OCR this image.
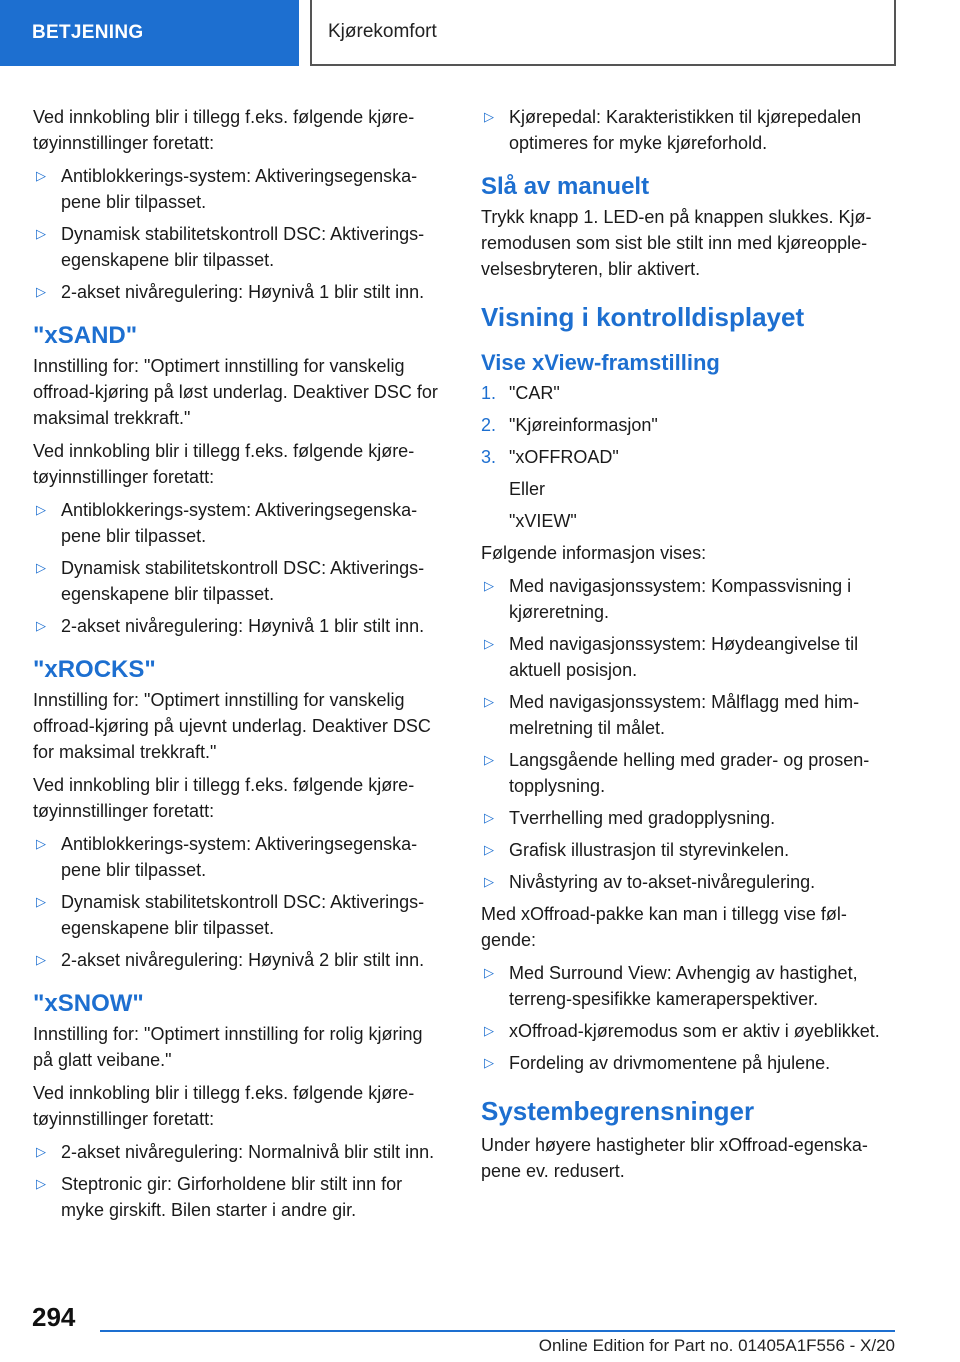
BETJENING	Kjørekomfort

Ved innkobling blir i tillegg f.eks. følgende kjøretøyinnstillinger foretatt:

▷ Antiblokkerings-system: Aktiveringsegenskapene blir tilpasset.
▷ Dynamisk stabilitetskontroll DSC: Aktiveringsegenskapene blir tilpasset.
▷ 2-akset nivåregulering: Høynivå 1 blir stilt inn.
"xSAND"

Innstilling for: "Optimert innstilling for vanskelig offroad-kjøring på løst underlag. Deaktiver DSC for maksimal trekkraft."

Ved innkobling blir i tillegg f.eks. følgende kjøretøyinnstillinger foretatt:

▷ Antiblokkerings-system: Aktiveringsegenskapene blir tilpasset.
▷ Dynamisk stabilitetskontroll DSC: Aktiveringsegenskapene blir tilpasset.
▷ 2-akset nivåregulering: Høynivå 1 blir stilt inn.
"xROCKS"

Innstilling for: "Optimert innstilling for vanskelig offroad-kjøring på ujevnt underlag. Deaktiver DSC for maksimal trekkraft."

Ved innkobling blir i tillegg f.eks. følgende kjøretøyinnstillinger foretatt:

▷ Antiblokkerings-system: Aktiveringsegenskapene blir tilpasset.
▷ Dynamisk stabilitetskontroll DSC: Aktiveringsegenskapene blir tilpasset.
▷ 2-akset nivåregulering: Høynivå 2 blir stilt inn.
"xSNOW"

Innstilling for: "Optimert innstilling for rolig kjøring på glatt veibane."

Ved innkobling blir i tillegg f.eks. følgende kjøretøyinnstillinger foretatt:

▷ 2-akset nivåregulering: Normalnivå blir stilt inn.
▷ Steptronic gir: Girforholdene blir stilt inn for myke girskift. Bilen starter i andre gir.
▷ Kjørepedal: Karakteristikken til kjørepedalen optimeres for myke kjøreforhold.
Slå av manuelt

Trykk knapp 1. LED-en på knappen slukkes. Kjøremodusen som sist ble stilt inn med kjøreopplevelsesbryteren, blir aktivert.

Visning i kontrolldisplayet
Vise xView-framstilling
1. "CAR"
2. "Kjøreinformasjon"
3. "xOFFROAD"
Eller
"xVIEW"

Følgende informasjon vises:

▷ Med navigasjonssystem: Kompassvisning i kjøreretning.
▷ Med navigasjonssystem: Høydeangivelse til aktuell posisjon.
▷ Med navigasjonssystem: Målflagg med himmelretning til målet.
▷ Langsgående helling med grader- og prosentopplysning.
▷ Tverrhelling med gradopplysning.
▷ Grafisk illustrasjon til styrevinkelen.
▷ Nivåstyring av to-akset-nivåregulering.

Med xOffroad-pakke kan man i tillegg vise følgende:

▷ Med Surround View: Avhengig av hastighet, terreng-spesifikke kameraperspektiver.
▷ xOffroad-kjøremodus som er aktiv i øyeblikket.
▷ Fordeling av drivmomentene på hjulene.
Systembegrensninger

Under høyere hastigheter blir xOffroad-egenskapene ev. redusert.

294
Online Edition for Part no. 01405A1F556 - X/20
